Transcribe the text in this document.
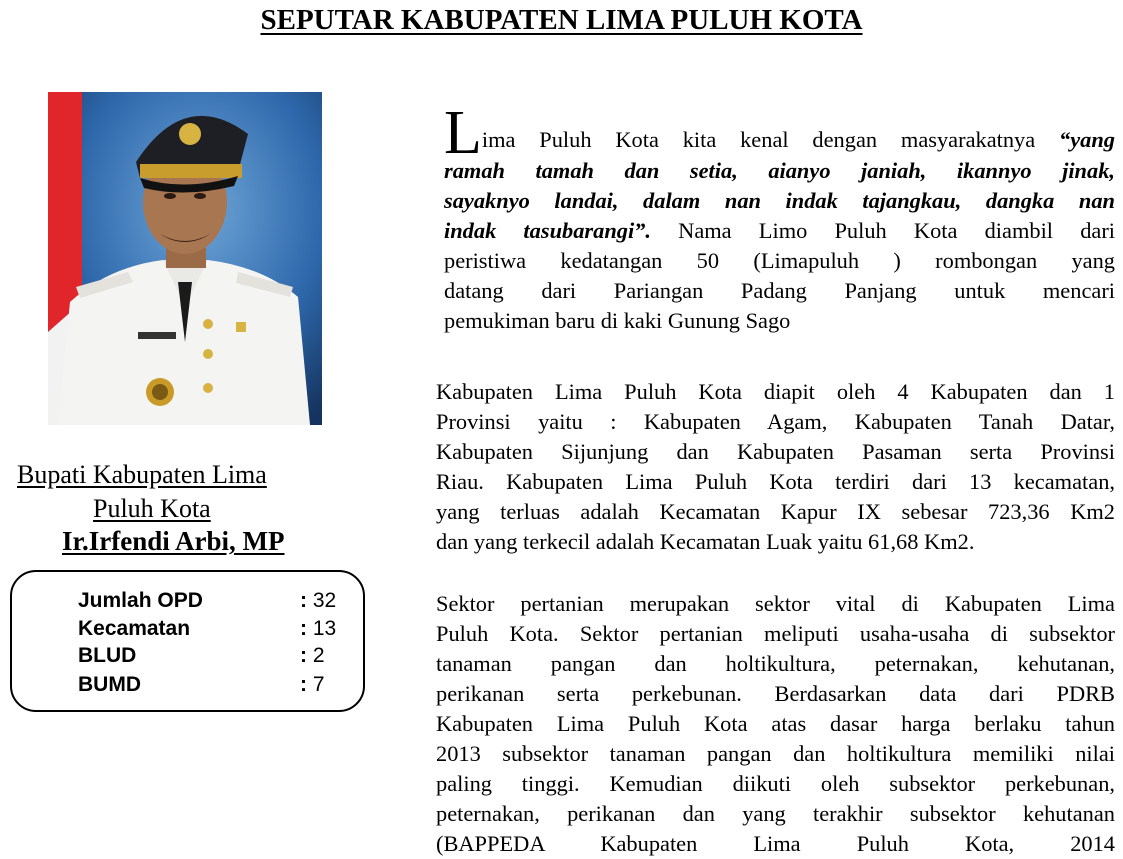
SEPUTAR KABUPATEN LIMA PULUH KOTA
Bupati Kabupaten Lima
Puluh Kota
Ir.Irfendi Arbi, MP
Jumlah OPD	: 32
Kecamatan	: 13
BLUD	: 2
BUMD	: 7
Lima Puluh Kota kita kenal dengan masyarakatnya “yang
ramah tamah dan setia, aianyo janiah, ikannyo jinak,
sayaknyo landai, dalam nan indak tajangkau, dangka nan
indak tasubarangi”. Nama Limo Puluh Kota diambil dari
peristiwa kedatangan 50 (Limapuluh ) rombongan yang
datang dari Pariangan Padang Panjang untuk mencari
pemukiman baru di kaki Gunung Sago
Kabupaten Lima Puluh Kota diapit oleh 4 Kabupaten dan 1
Provinsi yaitu : Kabupaten Agam, Kabupaten Tanah Datar,
Kabupaten Sijunjung dan Kabupaten Pasaman serta Provinsi
Riau. Kabupaten Lima Puluh Kota terdiri dari 13 kecamatan,
yang terluas adalah Kecamatan Kapur IX sebesar 723,36 Km2
dan yang terkecil adalah Kecamatan Luak yaitu 61,68 Km2.
Sektor pertanian merupakan sektor vital di Kabupaten Lima
Puluh Kota. Sektor pertanian meliputi usaha-usaha di subsektor
tanaman pangan dan holtikultura, peternakan, kehutanan,
perikanan serta perkebunan. Berdasarkan data dari PDRB
Kabupaten Lima Puluh Kota atas dasar harga berlaku tahun
2013 subsektor tanaman pangan dan holtikultura memiliki nilai
paling tinggi. Kemudian diikuti oleh subsektor perkebunan,
peternakan, perikanan dan yang terakhir subsektor kehutanan
(BAPPEDA Kabupaten Lima Puluh Kota, 2014
